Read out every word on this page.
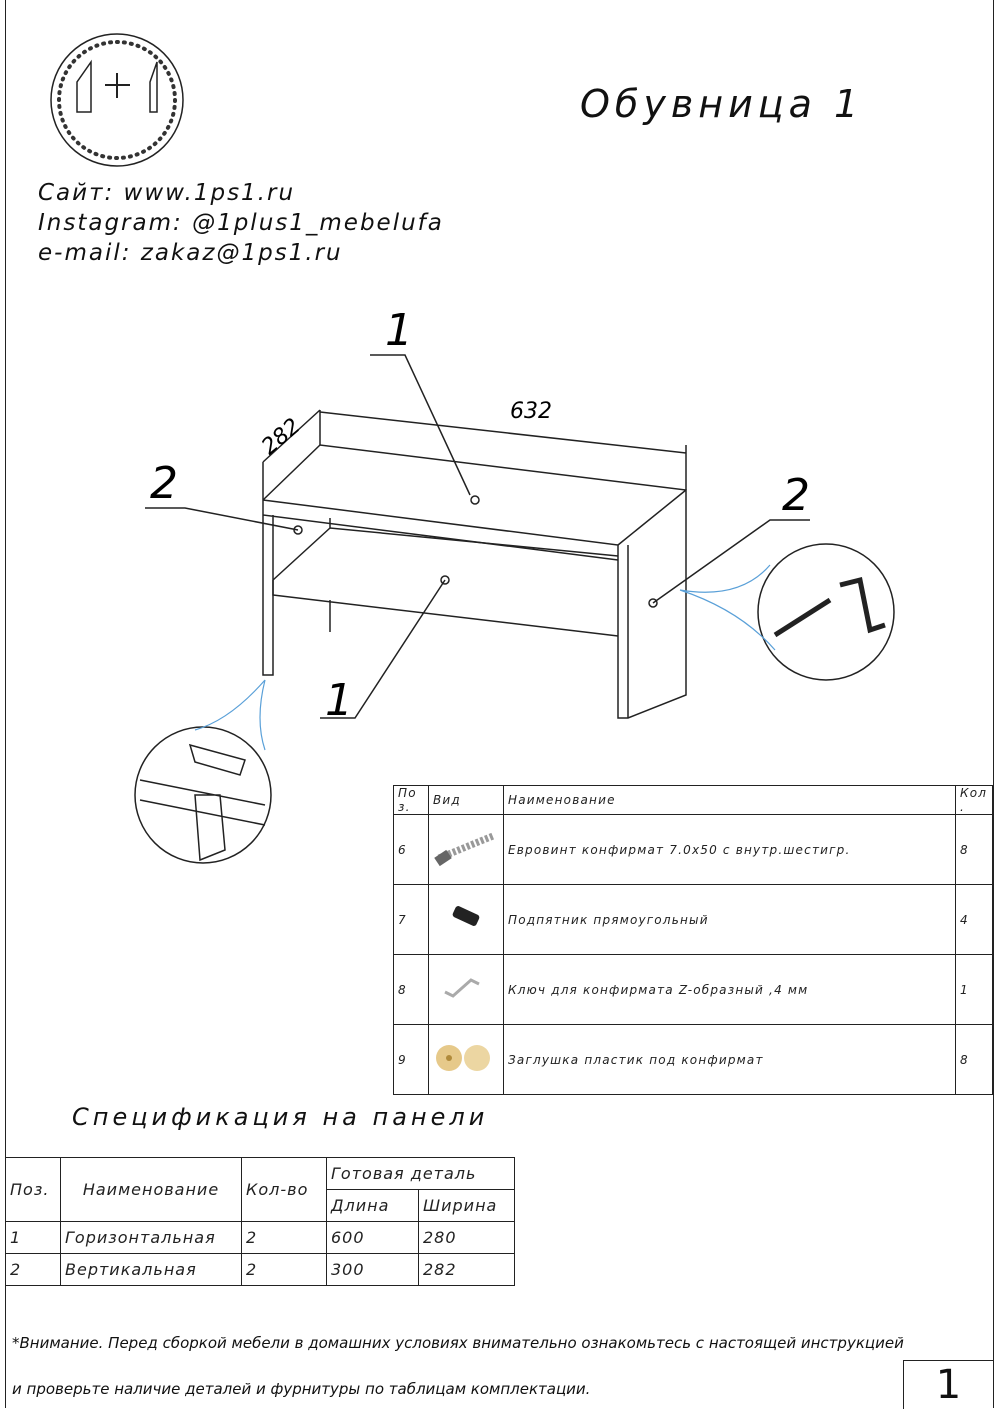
632
282
1
2	2
1
Обувница 1
Сайт: www.1ps1.ru
Instagram: @1plus1_mebelufa
e-mail: zakaz@1ps1.ru
Поз.	Вид	Наименование	Кол.
6		Евровинт конфирмат 7.0x50 с внутр.шестигр.	8
7		Подпятник прямоугольный	4
8		Ключ для конфирмата Z-образный ,4 мм	1
9		Заглушка пластик под конфирмат	8
Спецификация на панели
Поз.	Наименование	Кол-во	Готовая деталь	
			Длина	Ширина
1	Горизонтальная	2	600	280
2	Вертикальная	2	300	282
*Внимание. Перед сборкой мебели в домашних условиях внимательно ознакомьтесь с настоящей инструкцией
и проверьте наличие деталей и фурнитуры по таблицам комплектации.	1
